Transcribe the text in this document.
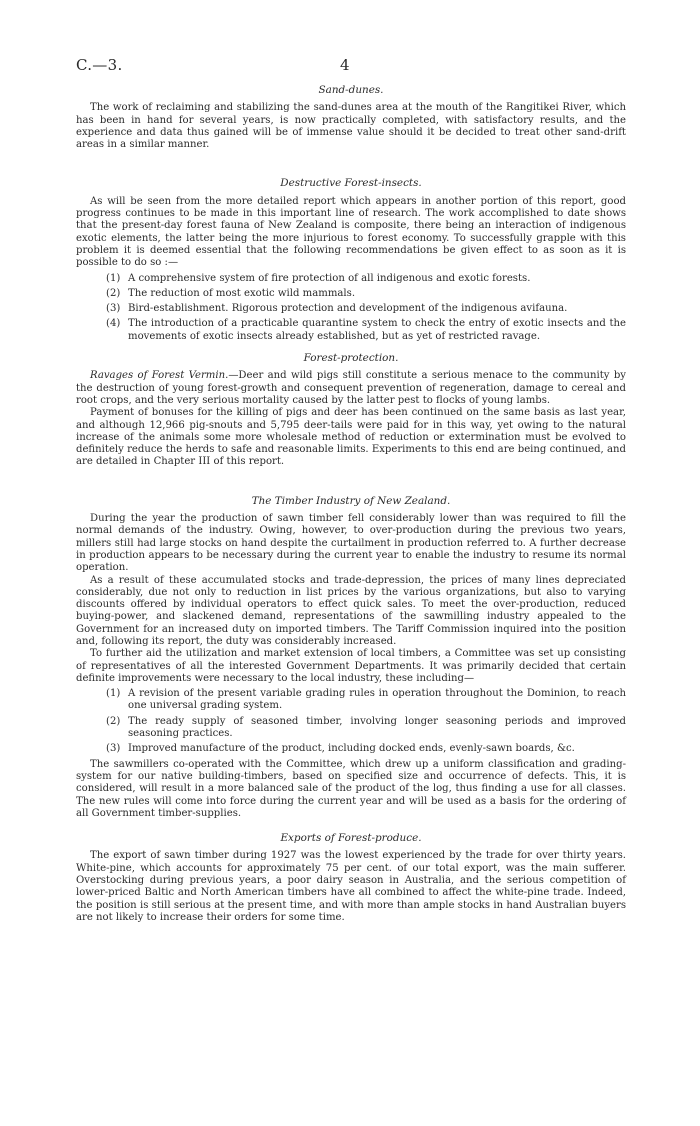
C.—3.	4
Sand-dunes.

The work of reclaiming and stabilizing the sand-dunes area at the mouth of the Rangitikei River, which has been in hand for several years, is now practically completed, with satisfactory results, and the experience and data thus gained will be of immense value should it be decided to treat other sand-drift areas in a similar manner.

Destructive Forest-insects.

As will be seen from the more detailed report which appears in another portion of this report, good progress continues to be made in this important line of research. The work accomplished to date shows that the present-day forest fauna of New Zealand is composite, there being an interaction of indigenous exotic elements, the latter being the more injurious to forest economy. To successfully grapple with this problem it is deemed essential that the following recommendations be given effect to as soon as it is possible to do so :—

(1) A comprehensive system of fire protection of all indigenous and exotic forests.
(2) The reduction of most exotic wild mammals.
(3) Bird-establishment. Rigorous protection and development of the indigenous avifauna.
(4) The introduction of a practicable quarantine system to check the entry of exotic insects and the movements of exotic insects already established, but as yet of restricted ravage.
Forest-protection.

Ravages of Forest Vermin.—Deer and wild pigs still constitute a serious menace to the community by the destruction of young forest-growth and consequent prevention of regeneration, damage to cereal and root crops, and the very serious mortality caused by the latter pest to flocks of young lambs.

Payment of bonuses for the killing of pigs and deer has been continued on the same basis as last year, and although 12,966 pig-snouts and 5,795 deer-tails were paid for in this way, yet owing to the natural increase of the animals some more wholesale method of reduction or extermination must be evolved to definitely reduce the herds to safe and reasonable limits. Experiments to this end are being continued, and are detailed in Chapter III of this report.

The Timber Industry of New Zealand.

During the year the production of sawn timber fell considerably lower than was required to fill the normal demands of the industry. Owing, however, to over-production during the previous two years, millers still had large stocks on hand despite the curtailment in production referred to. A further decrease in production appears to be necessary during the current year to enable the industry to resume its normal operation.

As a result of these accumulated stocks and trade-depression, the prices of many lines depreciated considerably, due not only to reduction in list prices by the various organizations, but also to varying discounts offered by individual operators to effect quick sales. To meet the over-production, reduced buying-power, and slackened demand, representations of the sawmilling industry appealed to the Government for an increased duty on imported timbers. The Tariff Commission inquired into the position and, following its report, the duty was considerably increased.

To further aid the utilization and market extension of local timbers, a Committee was set up consisting of representatives of all the interested Government Departments. It was primarily decided that certain definite improvements were necessary to the local industry, these including—

(1) A revision of the present variable grading rules in operation throughout the Dominion, to reach one universal grading system.
(2) The ready supply of seasoned timber, involving longer seasoning periods and improved seasoning practices.
(3) Improved manufacture of the product, including docked ends, evenly-sawn boards, &c.

The sawmillers co-operated with the Committee, which drew up a uniform classification and grading-system for our native building-timbers, based on specified size and occurrence of defects. This, it is considered, will result in a more balanced sale of the product of the log, thus finding a use for all classes. The new rules will come into force during the current year and will be used as a basis for the ordering of all Government timber-supplies.

Exports of Forest-produce.

The export of sawn timber during 1927 was the lowest experienced by the trade for over thirty years. White-pine, which accounts for approximately 75 per cent. of our total export, was the main sufferer. Overstocking during previous years, a poor dairy season in Australia, and the serious competition of lower-priced Baltic and North American timbers have all combined to affect the white-pine trade. Indeed, the position is still serious at the present time, and with more than ample stocks in hand Australian buyers are not likely to increase their orders for some time.
